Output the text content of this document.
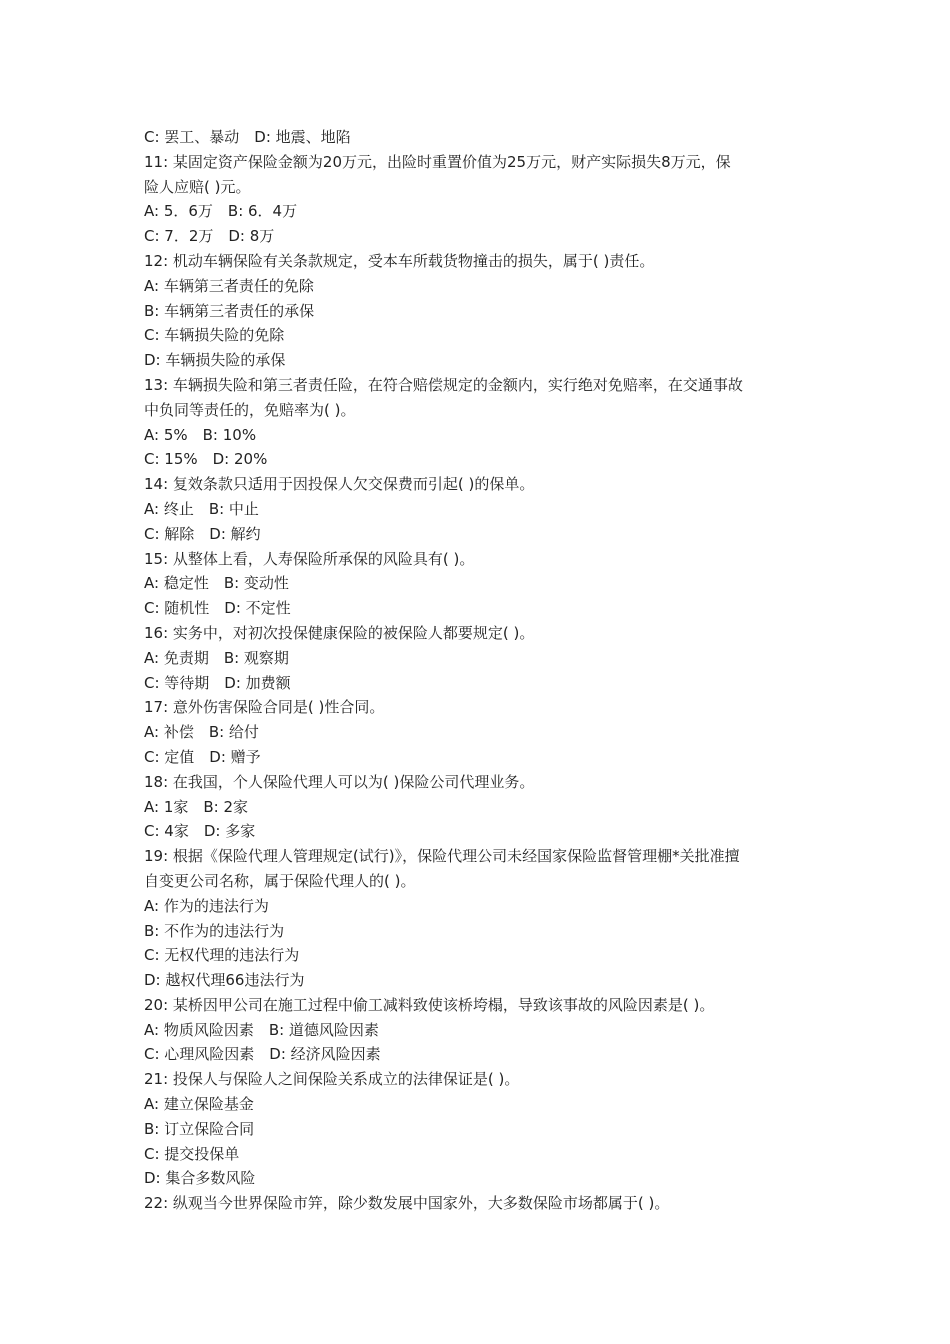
C: 罢工、暴动　D: 地震、地陷
11: 某固定资产保险金额为20万元，出险时重置价值为25万元，财产实际损失8万元，保
险人应赔( )元。
A: 5．6万　B: 6．4万
C: 7．2万　D: 8万
12: 机动车辆保险有关条款规定，受本车所载货物撞击的损失，属于( )责任。
A: 车辆第三者责任的免除
B: 车辆第三者责任的承保
C: 车辆损失险的免除
D: 车辆损失险的承保
13: 车辆损失险和第三者责任险，在符合赔偿规定的金额内，实行绝对免赔率，在交通事故
中负同等责任的，免赔率为( )。
A: 5%　B: 10%
C: 15%　D: 20%
14: 复效条款只适用于因投保人欠交保费而引起( )的保单。
A: 终止　B: 中止
C: 解除　D: 解约
15: 从整体上看，人寿保险所承保的风险具有( )。
A: 稳定性　B: 变动性
C: 随机性　D: 不定性
16: 实务中，对初次投保健康保险的被保险人都要规定( )。
A: 免责期　B: 观察期
C: 等待期　D: 加费额
17: 意外伤害保险合同是( )性合同。
A: 补偿　B: 给付
C: 定值　D: 赠予
18: 在我国，个人保险代理人可以为( )保险公司代理业务。
A: 1家　B: 2家
C: 4家　D: 多家
19: 根据《保险代理人管理规定(试行)》，保险代理公司未经国家保险监督管理棚*关批准擅
自变更公司名称，属于保险代理人的( )。
A: 作为的违法行为
B: 不作为的违法行为
C: 无权代理的违法行为
D: 越权代理66违法行为
20: 某桥因甲公司在施工过程中偷工减料致使该桥垮榻，导致该事故的风险因素是( )。
A: 物质风险因素　B: 道德风险因素
C: 心理风险因素　D: 经济风险因素
21: 投保人与保险人之间保险关系成立的法律保证是( )。
A: 建立保险基金
B: 订立保险合同
C: 提交投保单
D: 集合多数风险
22: 纵观当今世界保险市笄，除少数发展中国家外，大多数保险市场都属于( )。
